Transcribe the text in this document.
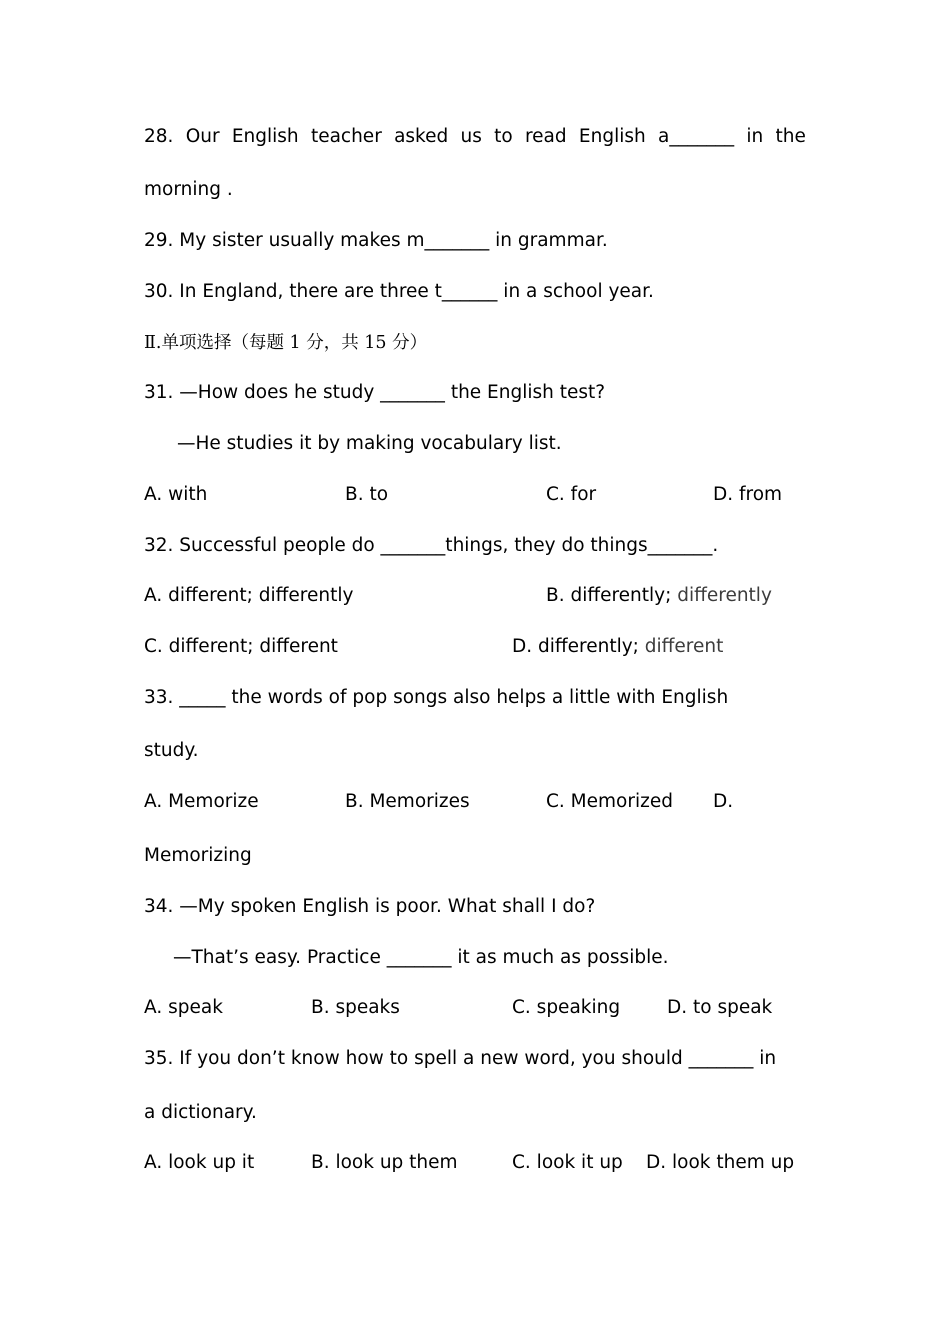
28. Our English teacher asked us to read English a_______ in the
morning .
29. My sister usually makes m_______ in grammar.
30. In England, there are three t______ in a school year.
Ⅱ.单项选择（每题 1 分，共 15 分）
31. —How does he study _______ the English test?
—He studies it by making vocabulary list.
A. with	B. to	C. for	D. from
32. Successful people do _______things, they do things_______.
A. different; differently	B. differently; differently
C. different; different	D. differently; different
33. _____ the words of pop songs also helps a little with English
study.
A. Memorize	B. Memorizes	C. Memorized D.
Memorizing
34. —My spoken English is poor. What shall I do?
—That’s easy. Practice _______ it as much as possible.
A. speak	B. speaks	C. speaking	D. to speak
35. If you don’t know how to spell a new word, you should _______ in
a dictionary.
A. look up it	B. look up them	C. look it up D. look them up
